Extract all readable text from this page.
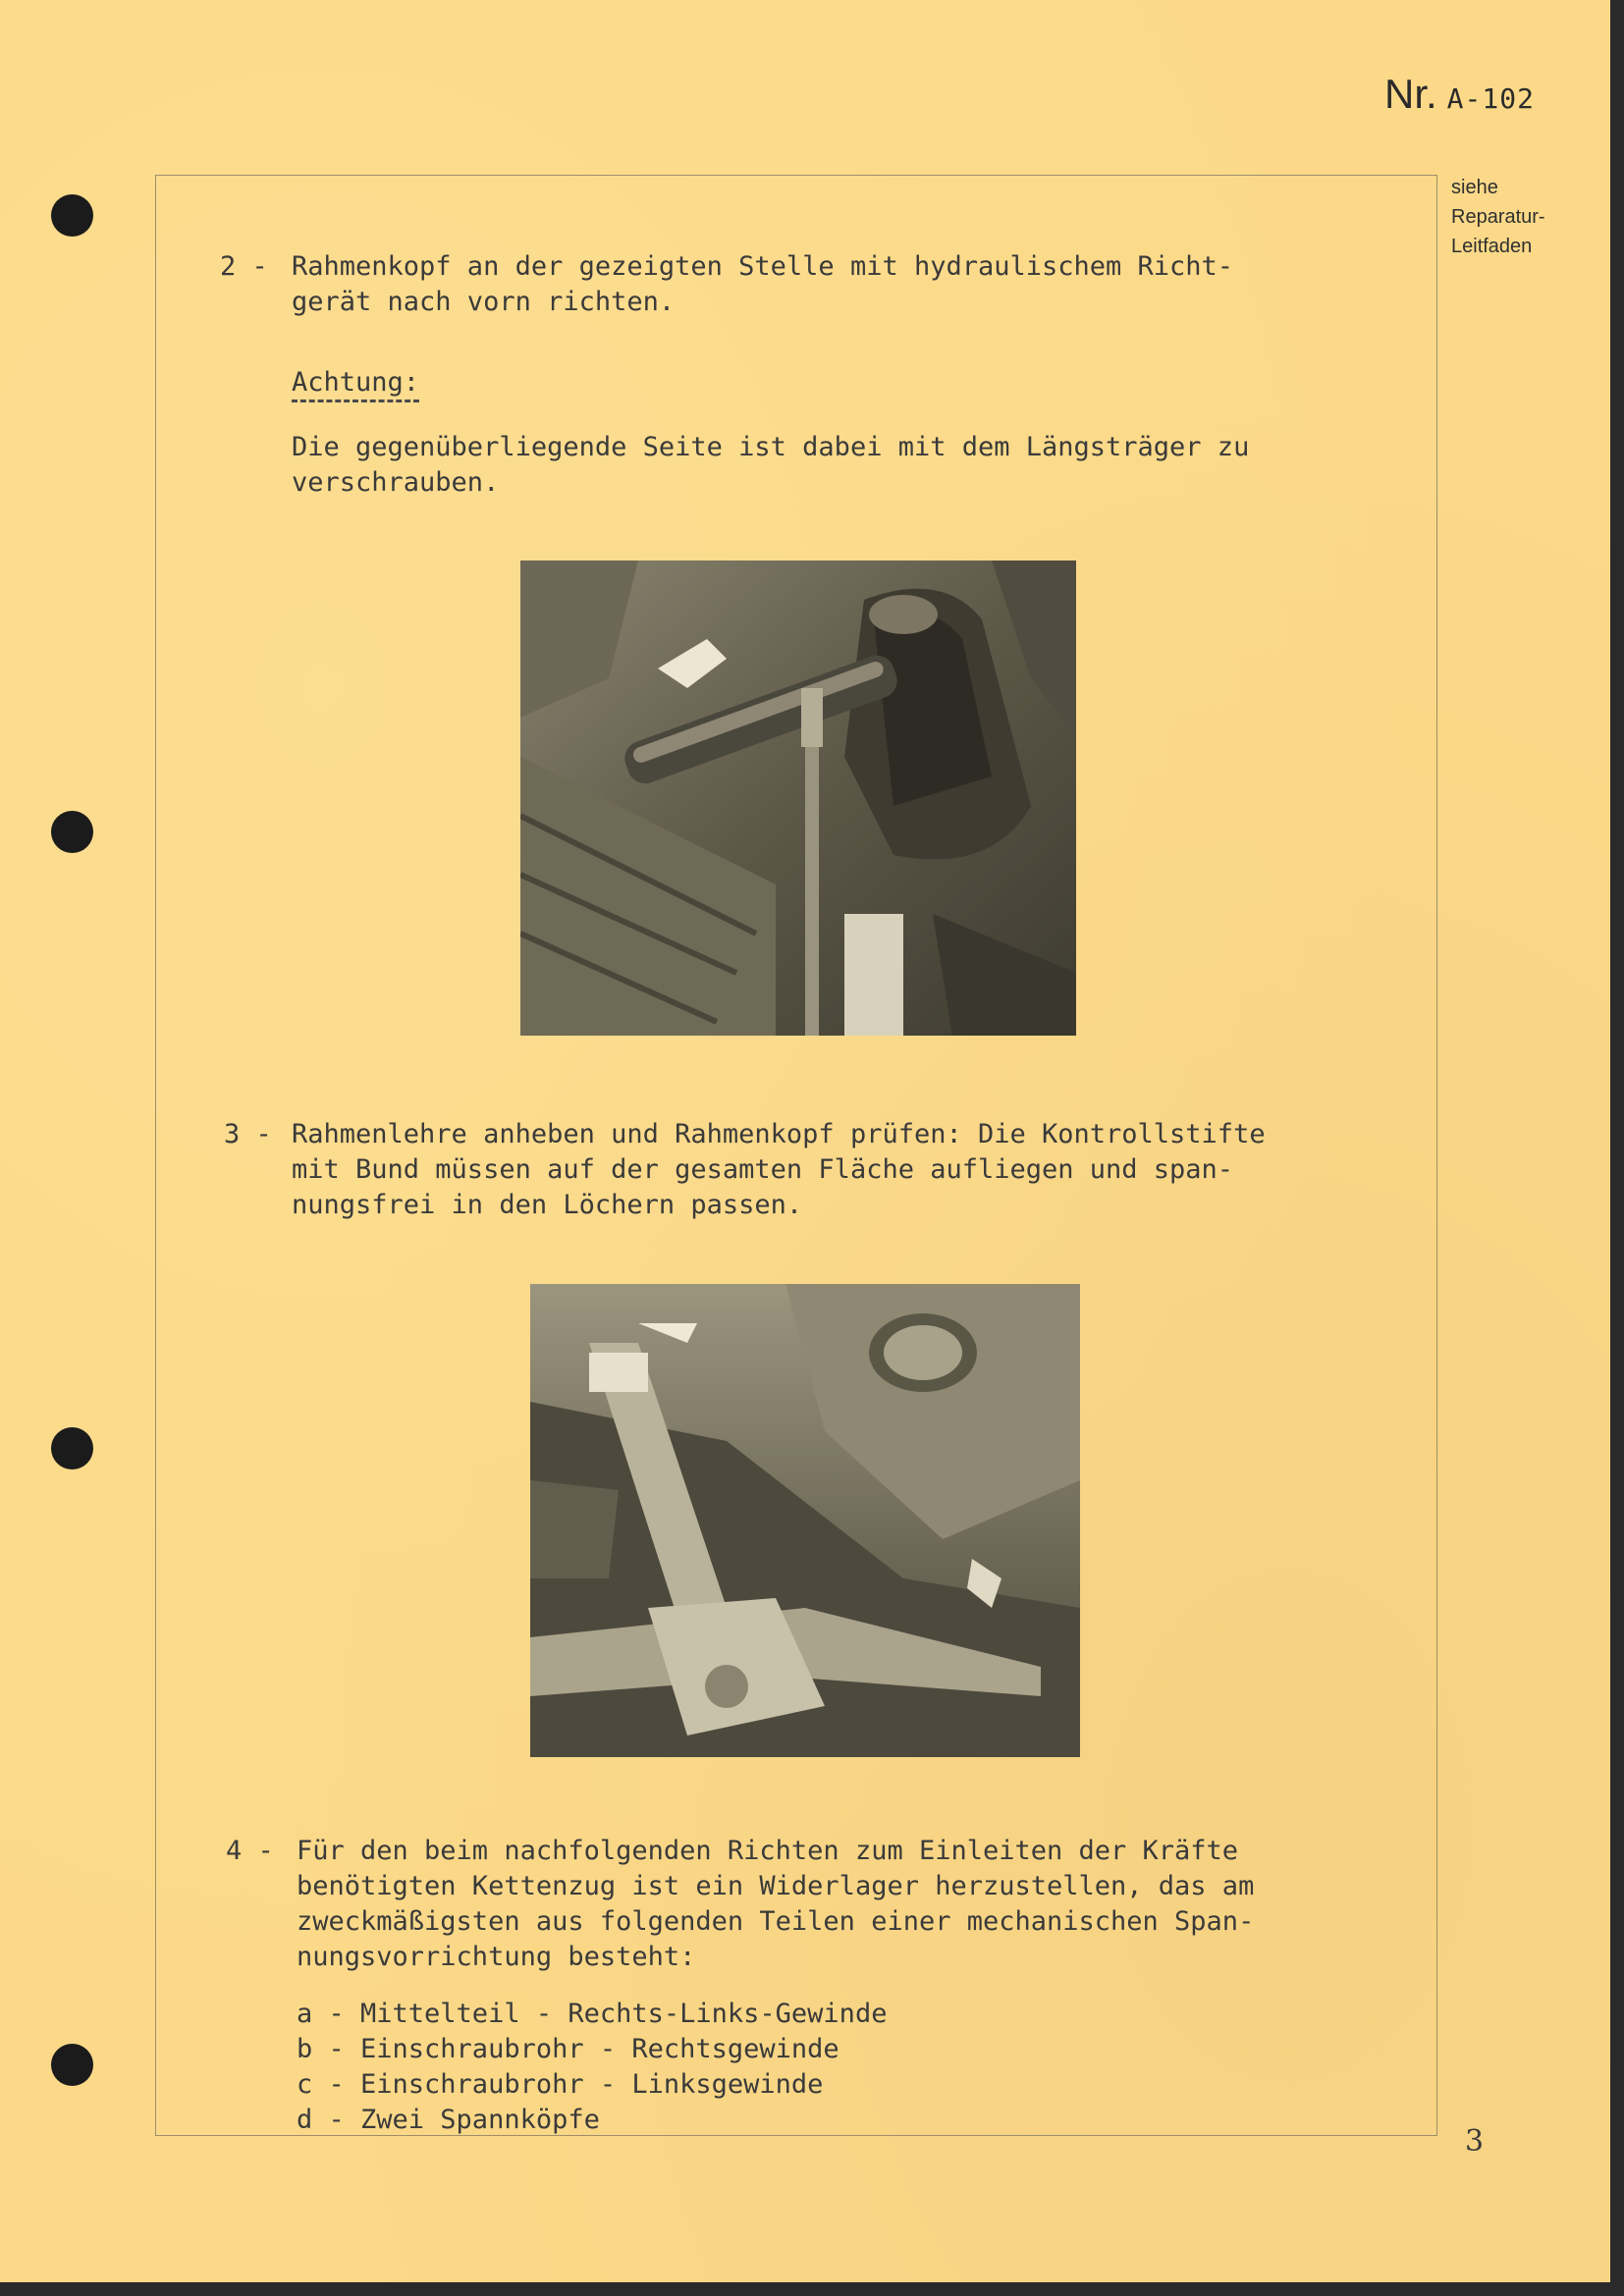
Nr. A-102
siehe
Reparatur-
Leitfaden
2 - Rahmenkopf an der gezeigten Stelle mit hydraulischem Richt-
gerät nach vorn richten.
Achtung:
Die gegenüberliegende Seite ist dabei mit dem Längsträger zu
verschrauben.
3 - Rahmenlehre anheben und Rahmenkopf prüfen: Die Kontrollstifte
mit Bund müssen auf der gesamten Fläche aufliegen und span-
nungsfrei in den Löchern passen.
4 - Für den beim nachfolgenden Richten zum Einleiten der Kräfte
benötigten Kettenzug ist ein Widerlager herzustellen, das am
zweckmäßigsten aus folgenden Teilen einer mechanischen Span-
nungsvorrichtung besteht:
a - Mittelteil - Rechts-Links-Gewinde
b - Einschraubrohr - Rechtsgewinde
c - Einschraubrohr - Linksgewinde
d - Zwei Spannköpfe
3
